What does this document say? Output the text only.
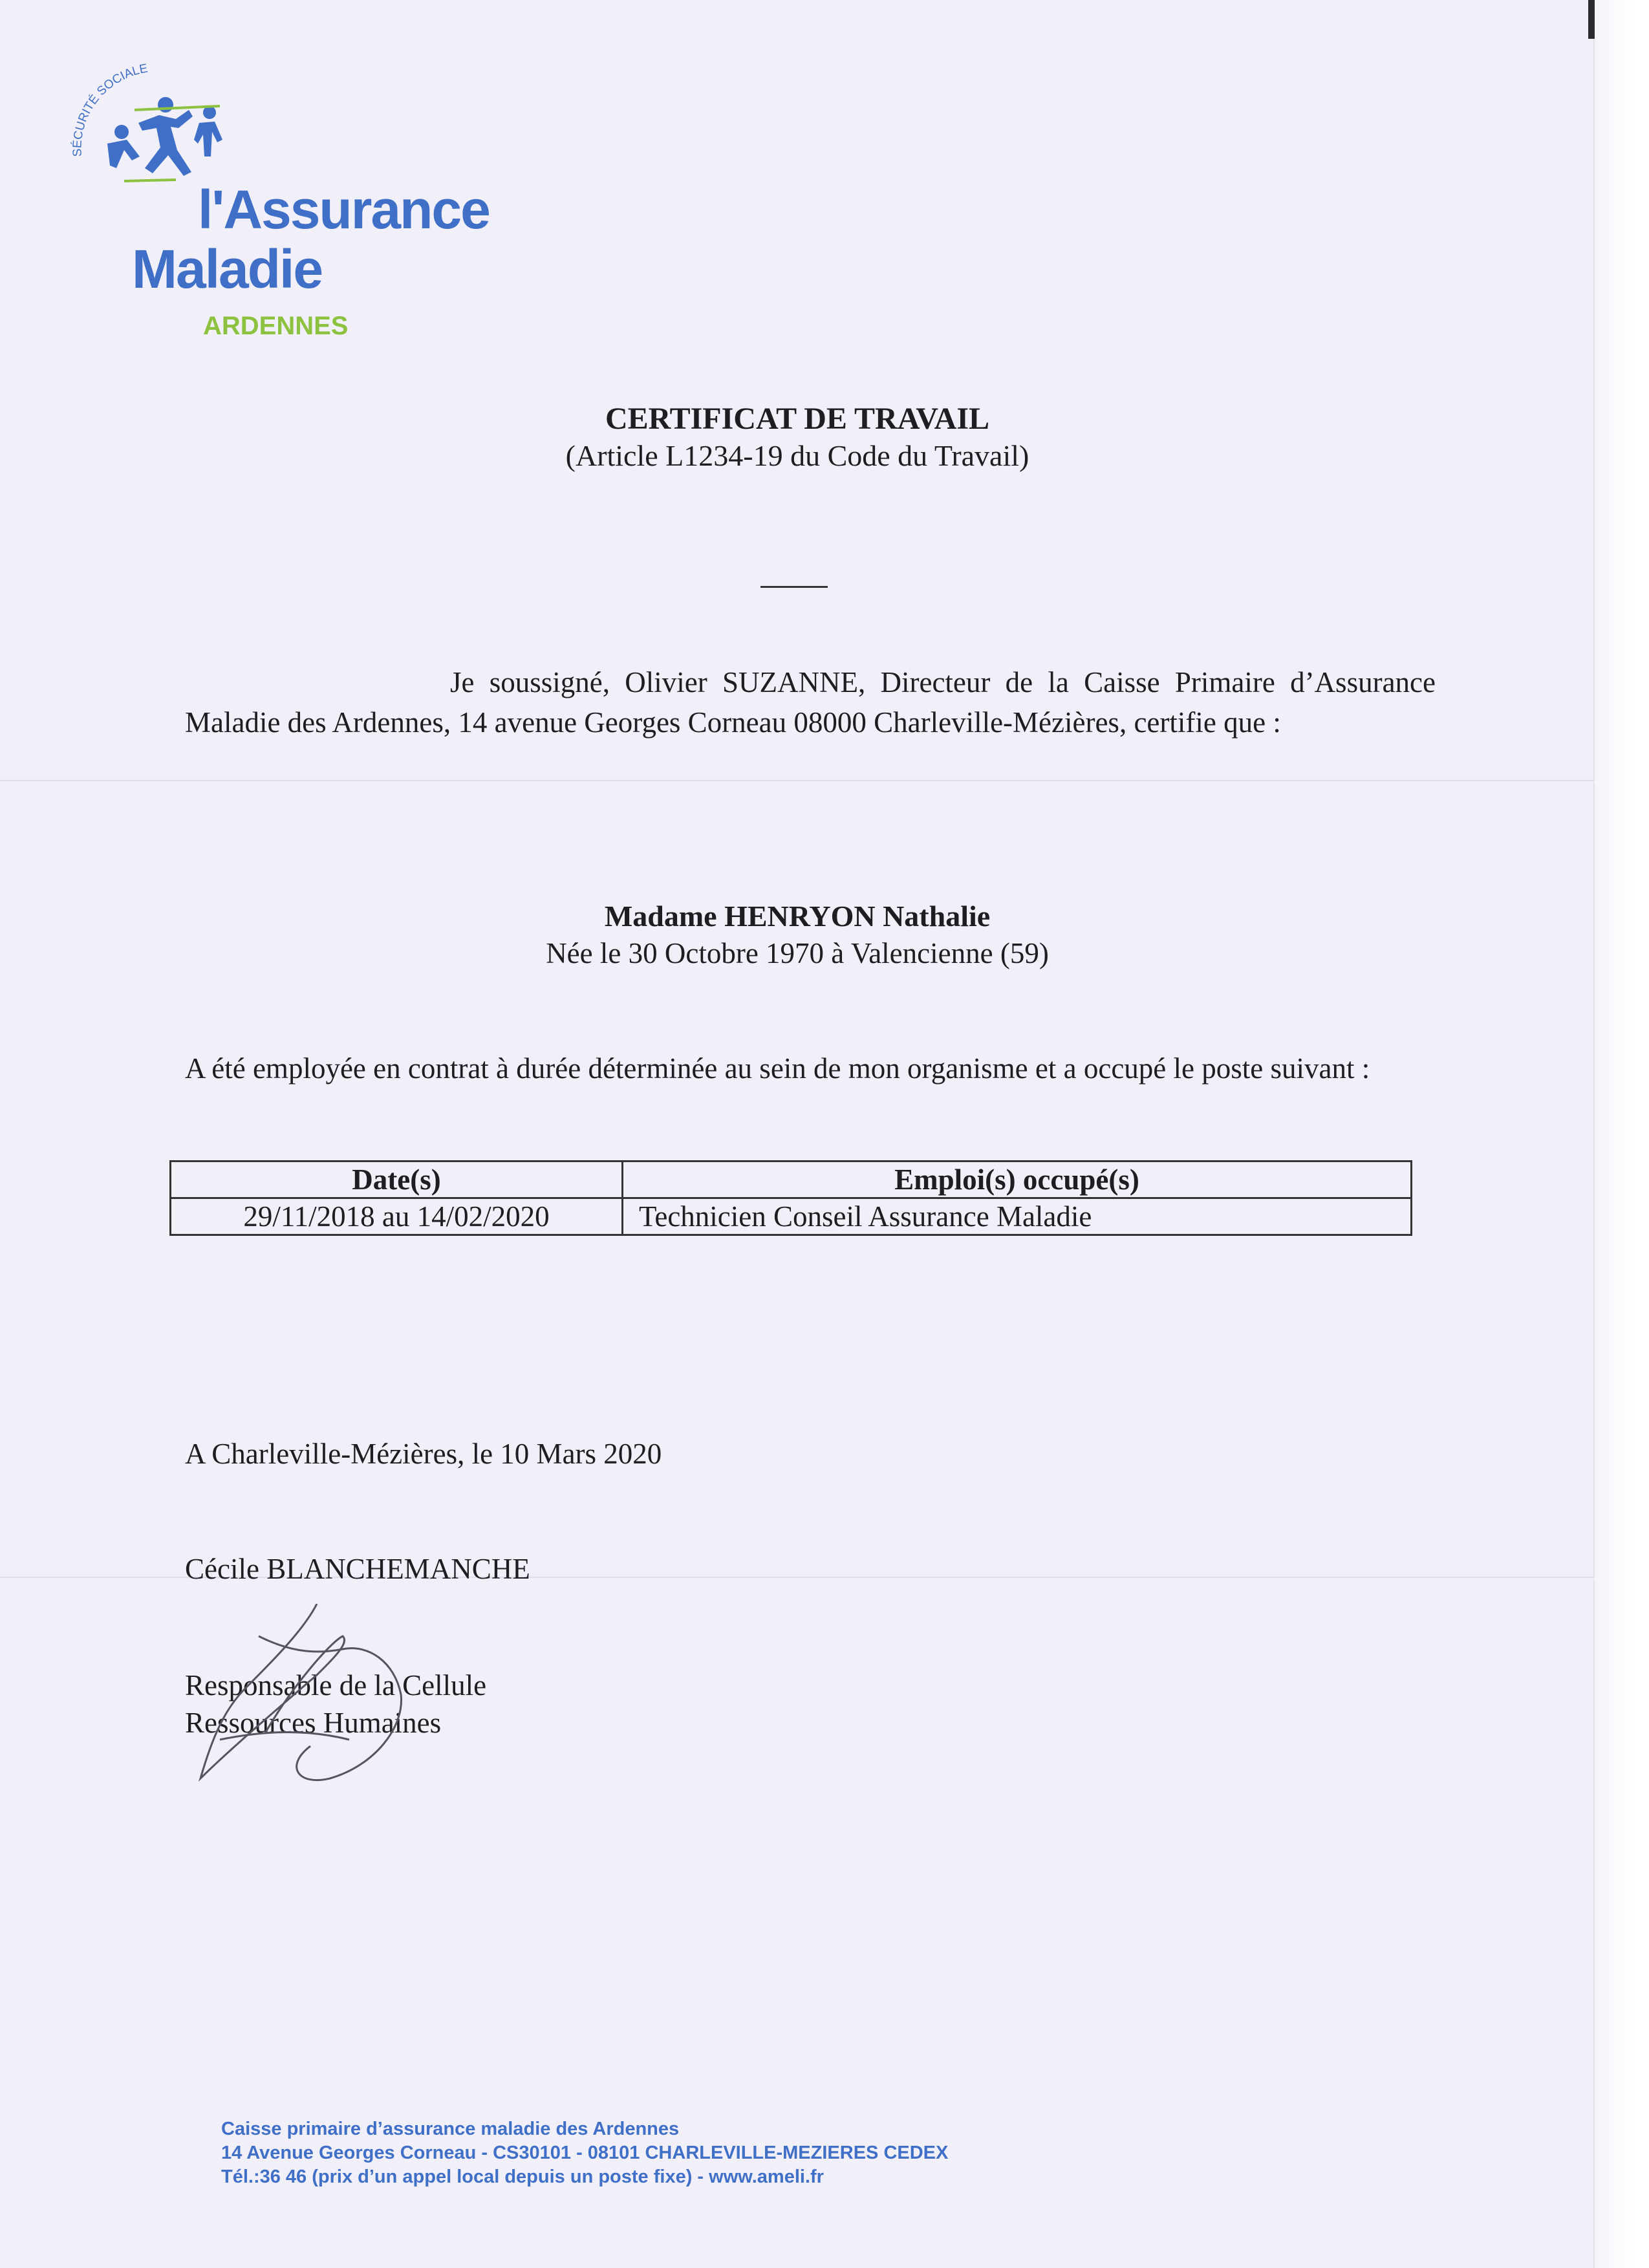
SÉCURITÉ SOCIALE
l'Assurance
Maladie
ARDENNES
CERTIFICAT DE TRAVAIL
(Article L1234-19 du Code du Travail)
Je soussigné, Olivier SUZANNE, Directeur de la Caisse Primaire d’Assurance Maladie des Ardennes, 14 avenue Georges Corneau 08000 Charleville-Mézières, certifie que :
Madame HENRYON Nathalie
Née le 30 Octobre 1970 à Valencienne (59)
A été employée en contrat à durée déterminée au sein de mon organisme et a occupé le poste suivant :
Date(s)	Emploi(s) occupé(s)
29/11/2018 au 14/02/2020	Technicien Conseil Assurance Maladie
A Charleville-Mézières, le 10 Mars 2020
Cécile BLANCHEMANCHE
Responsable de la Cellule
Ressources Humaines
Caisse primaire d’assurance maladie des Ardennes
14 Avenue Georges Corneau - CS30101 - 08101 CHARLEVILLE-MEZIERES CEDEX
Tél.:36 46 (prix d’un appel local depuis un poste fixe) - www.ameli.fr
